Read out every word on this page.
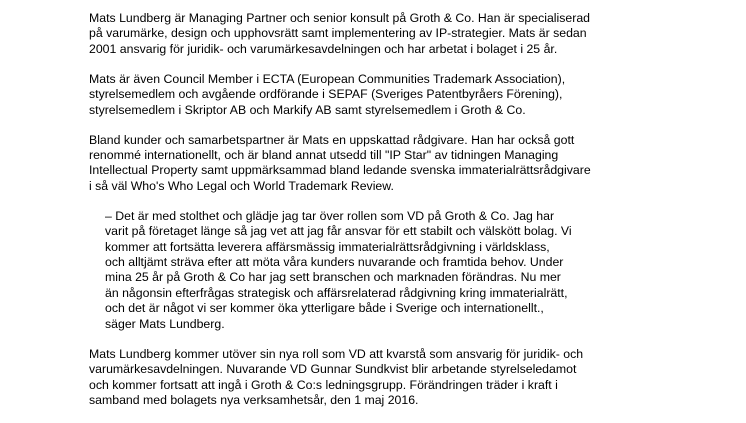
Mats Lundberg är Managing Partner och senior konsult på Groth & Co. Han är specialiserad
på varumärke, design och upphovsrätt samt implementering av IP-strategier. Mats är sedan
2001 ansvarig för juridik- och varumärkesavdelningen och har arbetat i bolaget i 25 år.
Mats är även Council Member i ECTA (European Communities Trademark Association),
styrelsemedlem och avgående ordförande i SEPAF (Sveriges Patentbyråers Förening),
styrelsemedlem i Skriptor AB och Markify AB samt styrelsemedlem i Groth & Co.
Bland kunder och samarbetspartner är Mats en uppskattad rådgivare. Han har också gott
renommé internationellt, och är bland annat utsedd till "IP Star" av tidningen Managing
Intellectual Property samt uppmärksammad bland ledande svenska immaterialrättsrådgivare
i så väl Who's Who Legal och World Trademark Review.
– Det är med stolthet och glädje jag tar över rollen som VD på Groth & Co. Jag har
varit på företaget länge så jag vet att jag får ansvar för ett stabilt och välskött bolag. Vi
kommer att fortsätta leverera affärsmässig immaterialrättsrådgivning i världsklass,
och alltjämt sträva efter att möta våra kunders nuvarande och framtida behov. Under
mina 25 år på Groth & Co har jag sett branschen och marknaden förändras. Nu mer
än någonsin efterfrågas strategisk och affärsrelaterad rådgivning kring immaterialrätt,
och det är något vi ser kommer öka ytterligare både i Sverige och internationellt.,
säger Mats Lundberg.
Mats Lundberg kommer utöver sin nya roll som VD att kvarstå som ansvarig för juridik- och
varumärkesavdelningen. Nuvarande VD Gunnar Sundkvist blir arbetande styrelseledamot
och kommer fortsatt att ingå i Groth & Co:s ledningsgrupp. Förändringen träder i kraft i
samband med bolagets nya verksamhetsår, den 1 maj 2016.
